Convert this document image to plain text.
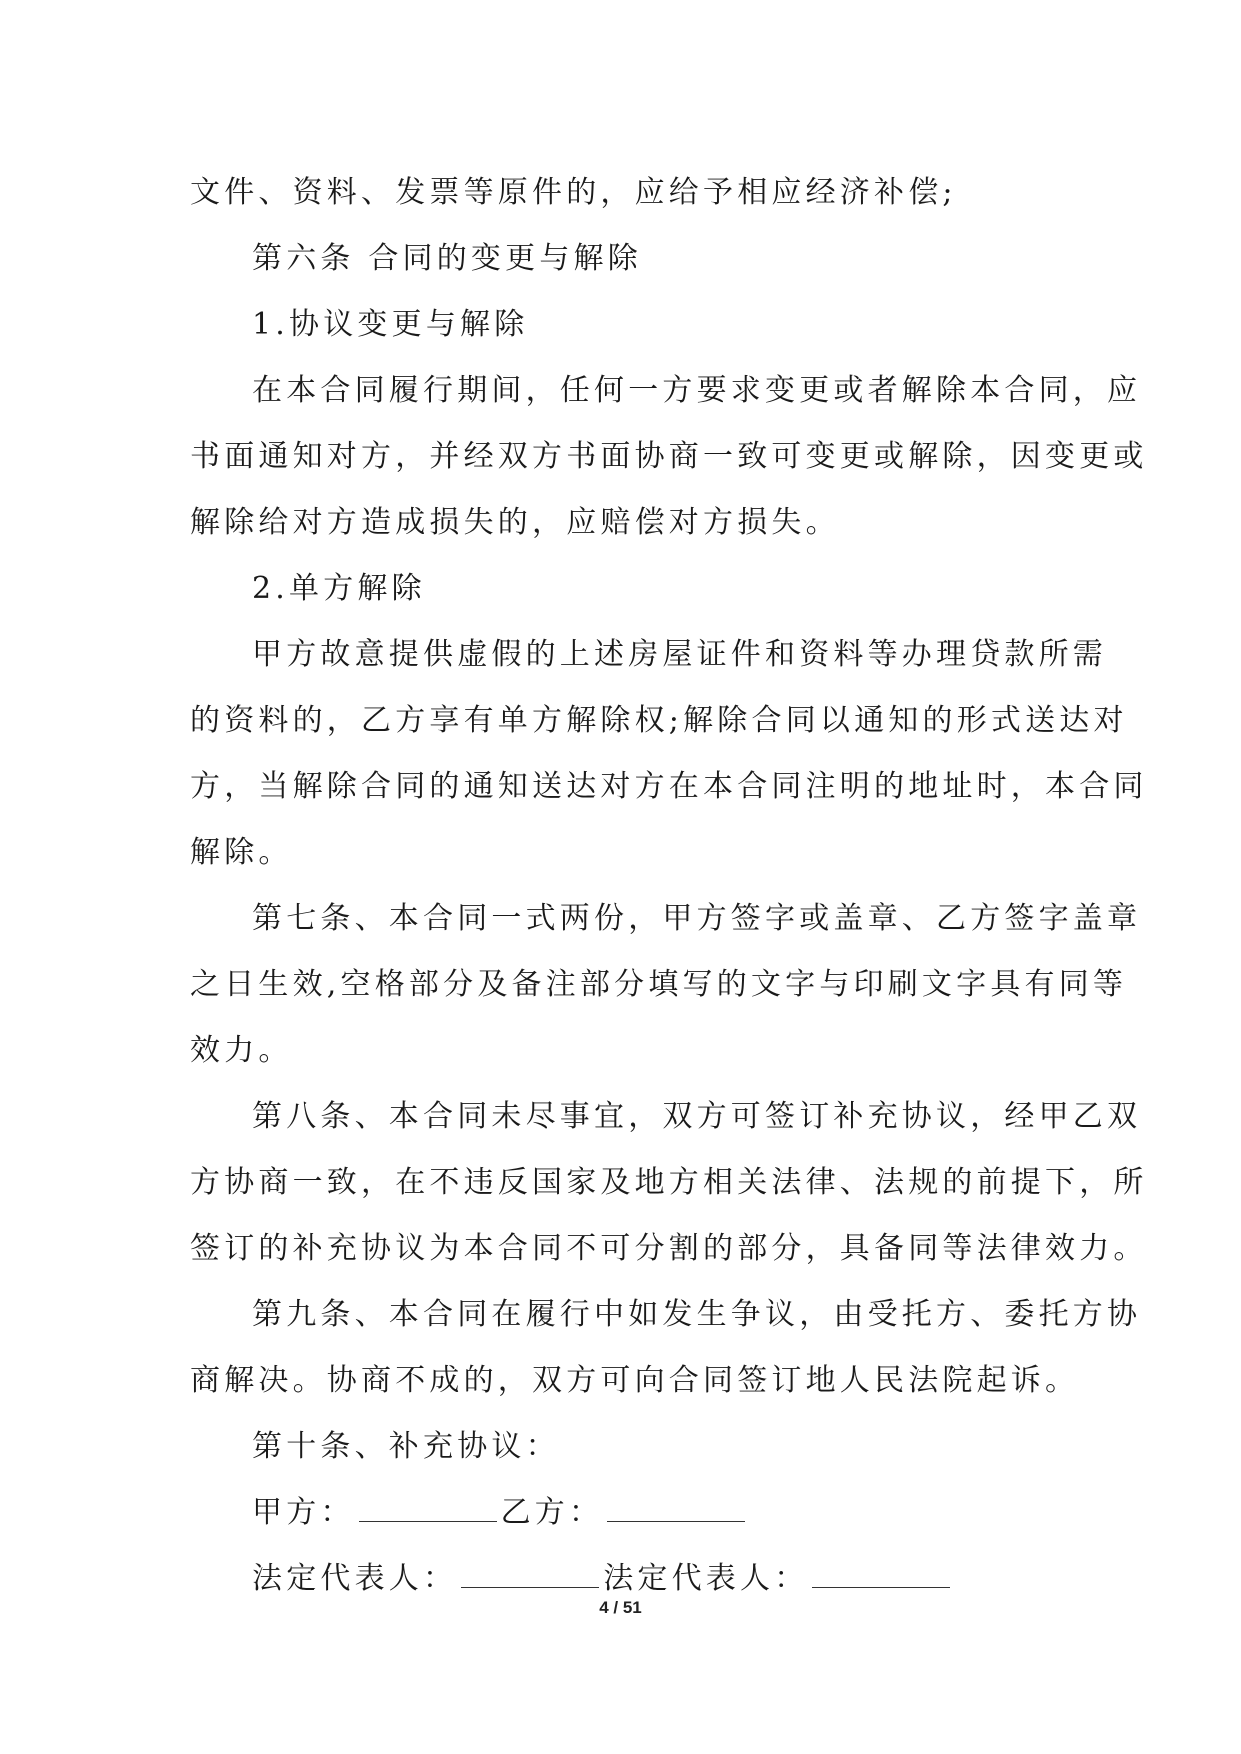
文件、资料、发票等原件的，应给予相应经济补偿;
第六条 合同的变更与解除
1.协议变更与解除
在本合同履行期间，任何一方要求变更或者解除本合同，应
书面通知对方，并经双方书面协商一致可变更或解除，因变更或
解除给对方造成损失的，应赔偿对方损失。
2.单方解除
甲方故意提供虚假的上述房屋证件和资料等办理贷款所需
的资料的，乙方享有单方解除权;解除合同以通知的形式送达对
方，当解除合同的通知送达对方在本合同注明的地址时，本合同
解除。
第七条、本合同一式两份，甲方签字或盖章、乙方签字盖章
之日生效,空格部分及备注部分填写的文字与印刷文字具有同等
效力。
第八条、本合同未尽事宜，双方可签订补充协议，经甲乙双
方协商一致，在不违反国家及地方相关法律、法规的前提下，所
签订的补充协议为本合同不可分割的部分，具备同等法律效力。
第九条、本合同在履行中如发生争议，由受托方、委托方协
商解决。协商不成的，双方可向合同签订地人民法院起诉。
第十条、补充协议：
甲方：	乙方：
法定代表人：	法定代表人：
4 / 51
